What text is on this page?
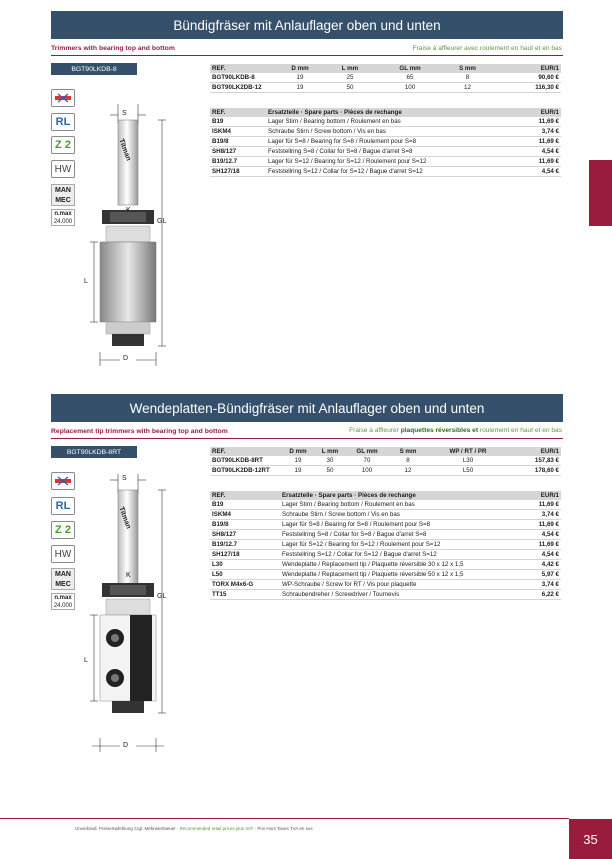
Bündigfräser mit Anlauflager oben und unten
Trimmers with bearing top and bottom	Fraise à affleurer avec roulement en haut et en bas
BGT90LKDB-8
RL
Z 2
HW
MAN
MEC
n.max
24.000
S
GL
L
D
Titman
REF.	D mm	L mm	GL mm	S mm	EUR/1
BGT90LKDB-8	19	25	65	8	90,60 €
BGT90LK2DB-12	19	50	100	12	116,30 €
REF.	Ersatzteile · Spare parts · Pièces de rechange	EUR/1
B19	Lager Stirn / Bearing bottom / Roulement en bas	11,69 €
ISKM4	Schraube Stirn / Screw bottom / Vis en bas	3,74 €
B19/8	Lager für S=8 / Bearing for S=8 / Roulement pour S=8	11,69 €
SH8/127	Feststellring S=8 / Collar for S=8 / Bague d'arret S=8	4,54 €
B19/12.7	Lager für S=12 / Bearing for S=12 / Roulement pour S=12	11,69 €
SH127/18	Feststellring S=12 / Collar for S=12 / Bague d'arret S=12	4,54 €
Wendeplatten-Bündigfräser mit Anlauflager oben und unten
Replacement tip trimmers with bearing top and bottom	Fraise à affleurer plaquettes réversibles et roulement en haut et en bas
BGT90LKDB-8RT
RL
Z 2
HW
MAN
MEC
n.max
24.000
K
S
GL
L
D
Titman
REF.	D mm	L mm	GL mm	S mm	WP / RT / PR	EUR/1
BGT90LKDB-8RT	19	30	70	8	L30	157,83 €
BGT90LK2DB-12RT	19	50	100	12	L50	178,60 €
REF.	Ersatzteile · Spare parts · Pièces de rechange	EUR/1
B19	Lager Stirn / Bearing bottom / Roulement en bas	11,69 €
ISKM4	Schraube Stirn / Screw bottom / Vis en bas	3,74 €
B19/8	Lager für S=8 / Bearing for S=8 / Roulement pour S=8	11,69 €
SH8/127	Feststellring S=8 / Collar for S=8 / Bague d'arret S=8	4,54 €
B19/12.7	Lager für S=12 / Bearing for S=12 / Roulement pour S=12	11,69 €
SH127/18	Feststellring S=12 / Collar for S=12 / Bague d'arret S=12	4,54 €
L30	Wendeplatte / Replacement tip / Plaquette réversible 30 x 12 x 1,5	4,42 €
L50	Wendeplatte / Replacement tip / Plaquette réversible 50 x 12 x 1,5	5,97 €
TORX M4x6-G	WP-Schraube / Screw for RT / Vis pour plaquette	3,74 €
TT15	Schraubendreher / Screwdriver / Tournevis	6,22 €
Unverbindl. Preisempfehlung zzgl. Mehrwertsteuer · Recommended retail prices plus VAT · Prix Hors Taxes TVA en sus
35
